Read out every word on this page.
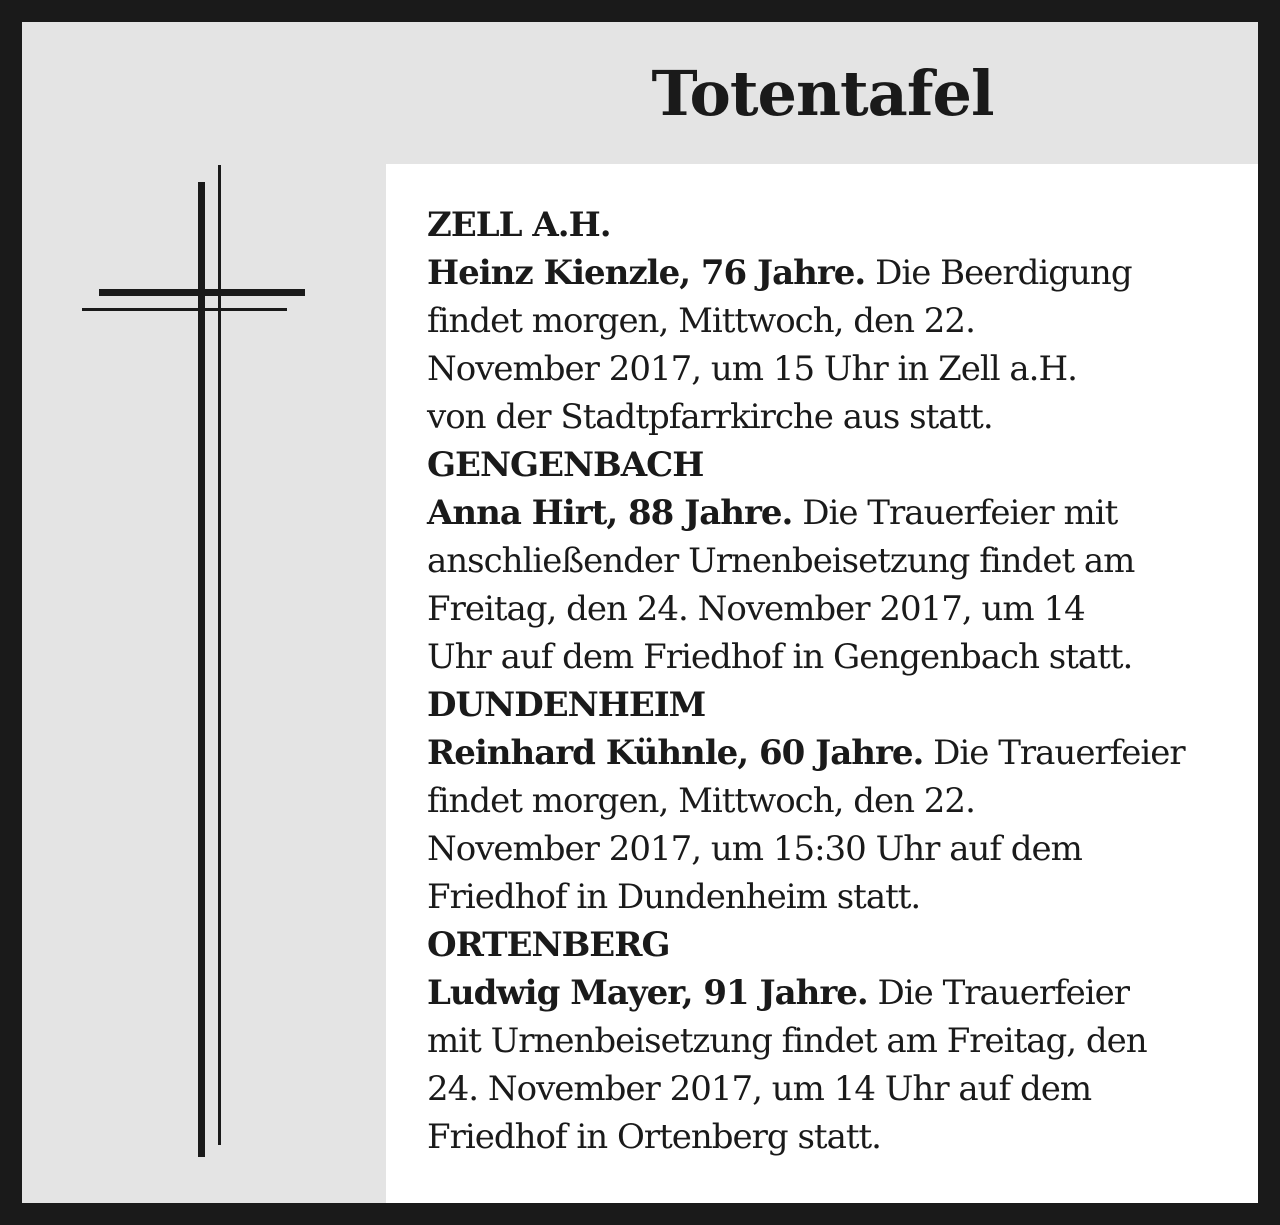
Totentafel
ZELL A.H.
Heinz Kienzle, 76 Jahre. Die Beerdigung
findet morgen, Mittwoch, den 22.
November 2017, um 15 Uhr in Zell a.H.
von der Stadtpfarrkirche aus statt.
GENGENBACH
Anna Hirt, 88 Jahre. Die Trauerfeier mit
anschließender Urnenbeisetzung findet am
Freitag, den 24. November 2017, um 14
Uhr auf dem Friedhof in Gengenbach statt.
DUNDENHEIM
Reinhard Kühnle, 60 Jahre. Die Trauerfeier
findet morgen, Mittwoch, den 22.
November 2017, um 15:30 Uhr auf dem
Friedhof in Dundenheim statt.
ORTENBERG
Ludwig Mayer, 91 Jahre. Die Trauerfeier
mit Urnenbeisetzung findet am Freitag, den
24. November 2017, um 14 Uhr auf dem
Friedhof in Ortenberg statt.
